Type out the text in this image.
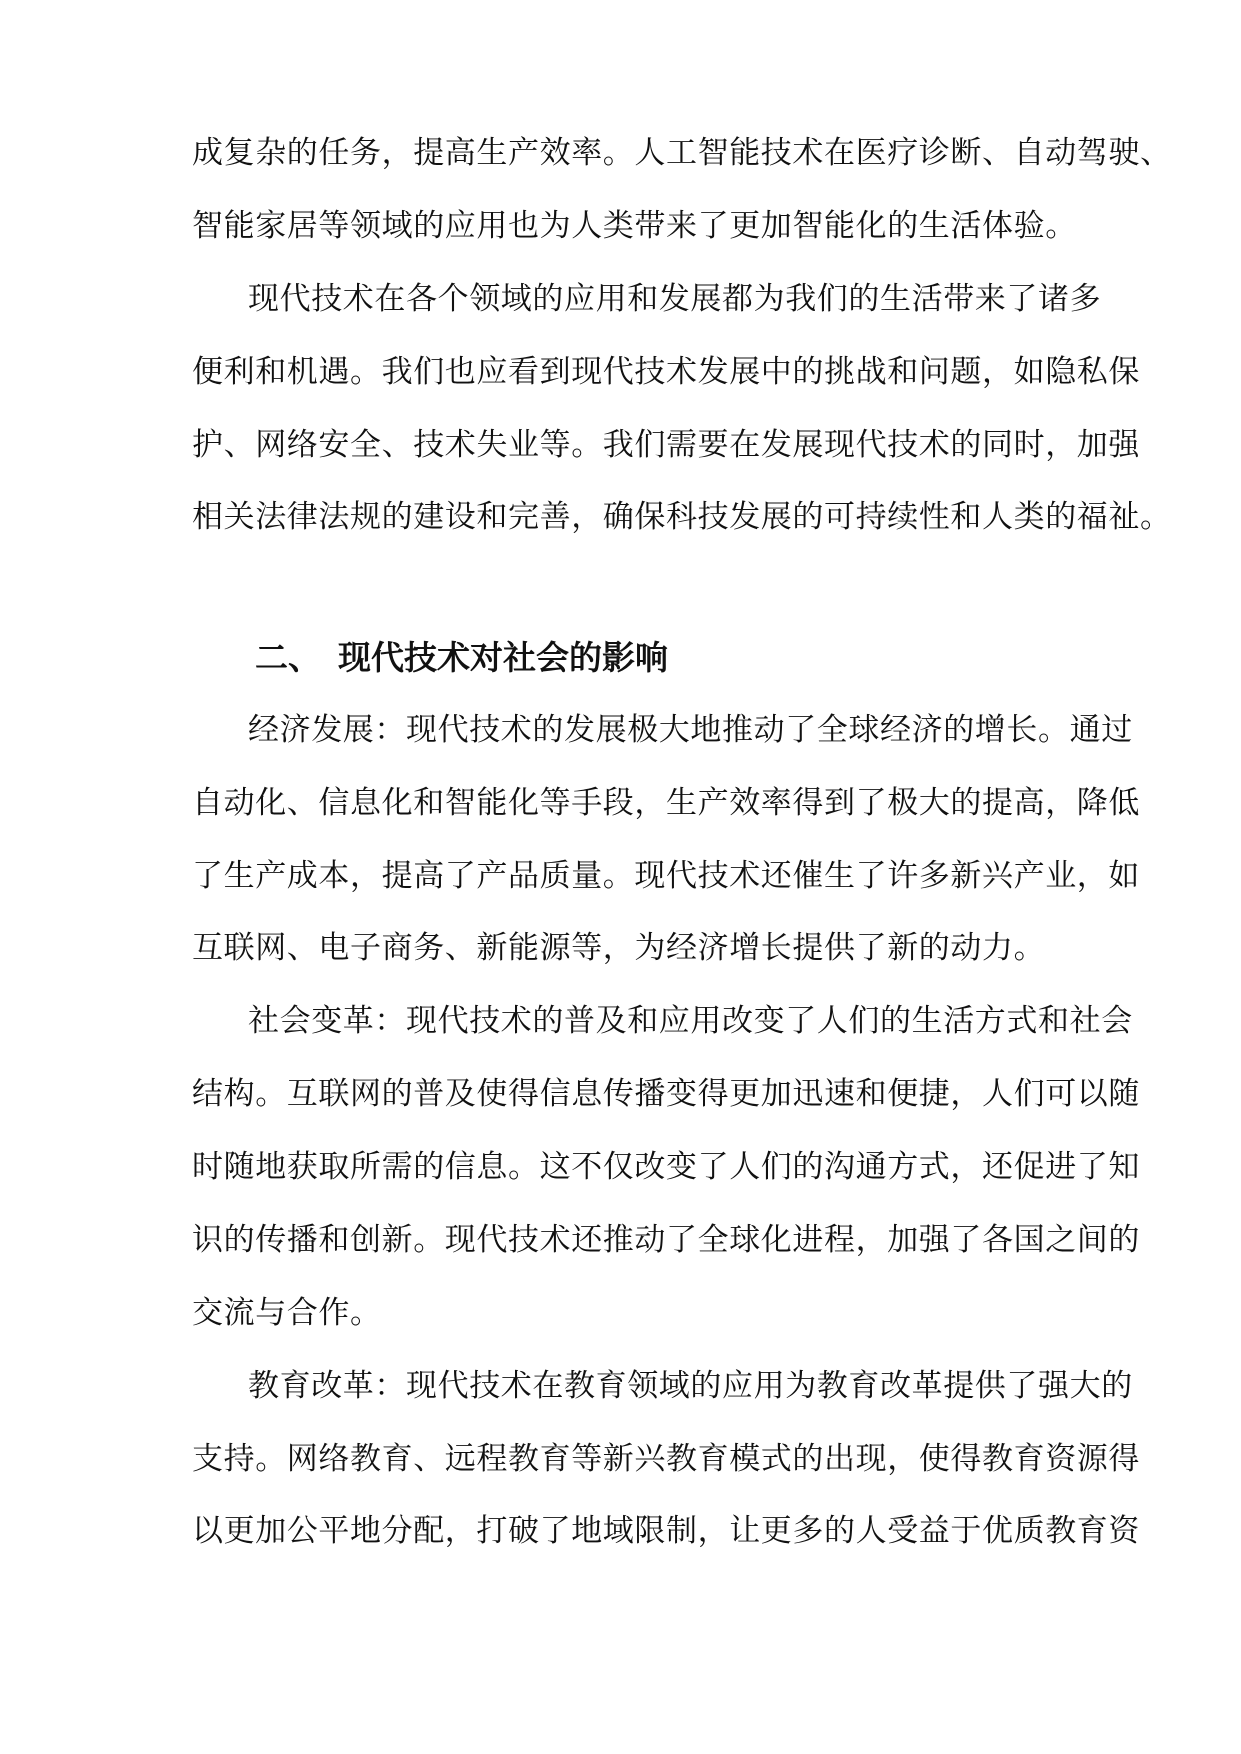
成复杂的任务，提高生产效率。人工智能技术在医疗诊断、自动驾驶、
智能家居等领域的应用也为人类带来了更加智能化的生活体验。
现代技术在各个领域的应用和发展都为我们的生活带来了诸多
便利和机遇。我们也应看到现代技术发展中的挑战和问题，如隐私保
护、网络安全、技术失业等。我们需要在发展现代技术的同时，加强
相关法律法规的建设和完善，确保科技发展的可持续性和人类的福祉。
二、 现代技术对社会的影响
经济发展：现代技术的发展极大地推动了全球经济的增长。通过
自动化、信息化和智能化等手段，生产效率得到了极大的提高，降低
了生产成本，提高了产品质量。现代技术还催生了许多新兴产业，如
互联网、电子商务、新能源等，为经济增长提供了新的动力。
社会变革：现代技术的普及和应用改变了人们的生活方式和社会
结构。互联网的普及使得信息传播变得更加迅速和便捷，人们可以随
时随地获取所需的信息。这不仅改变了人们的沟通方式，还促进了知
识的传播和创新。现代技术还推动了全球化进程，加强了各国之间的
交流与合作。
教育改革：现代技术在教育领域的应用为教育改革提供了强大的
支持。网络教育、远程教育等新兴教育模式的出现，使得教育资源得
以更加公平地分配，打破了地域限制，让更多的人受益于优质教育资
